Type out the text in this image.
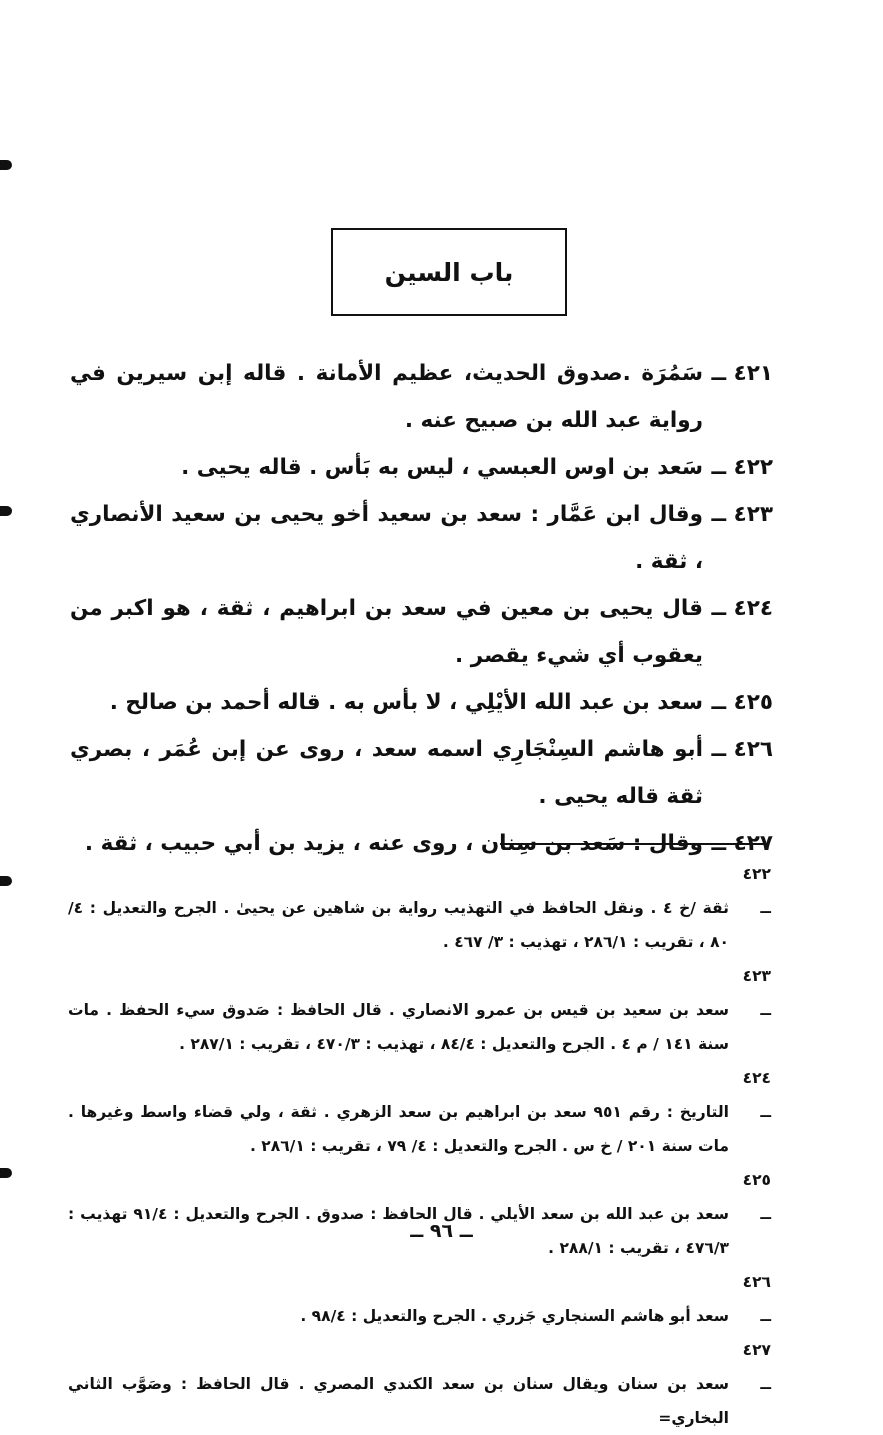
باب السين

٤٢١ ــسَمُرَة .صدوق الحديث، عظيم الأمانة . قاله إبن سيرين في رواية عبد الله بن صبيح عنه .

٤٢٢ ــسَعد بن اوس العبسي ، ليس به بَأس . قاله يحيى .

٤٢٣ ــوقال ابن عَمَّار : سعد بن سعيد أخو يحيى بن سعيد الأنصاري ، ثقة .

٤٢٤ ــقال يحيى بن معين في سعد بن ابراهيم ، ثقة ، هو اكبر من يعقوب أي شيء يقصر .

٤٢٥ ــسعد بن عبد الله الأيْلِي ، لا بأس به . قاله أحمد بن صالح .

٤٢٦ ــأبو هاشم السِنْجَارِي اسمه سعد ، روى عن إبن عُمَر ، بصري ثقة قاله يحيى .

٤٢٧ ــوقال : سَعد بن سِنان ، روى عنه ، يزيد بن أبي حبيب ، ثقة .

٤٢٢ ــثقة /خ ٤ . ونقل الحافظ في التهذيب رواية بن شاهين عن يحيىٰ . الجرح والتعديل : ٤/ ٨٠ ، تقريب : ٢٨٦/١ ، تهذيب : ٣/ ٤٦٧ .

٤٢٣ ــسعد بن سعيد بن قيس بن عمرو الانصاري . قال الحافظ : صَدوق سيء الحفظ . مات سنة ١٤١ / م ٤ . الجرح والتعديل : ٨٤/٤ ، تهذيب : ٤٧٠/٣ ، تقريب : ٢٨٧/١ .

٤٢٤ ــالتاريخ : رقم ٩٥١ سعد بن ابراهيم بن سعد الزهري . ثقة ، ولي قضاء واسط وغيرها . مات سنة ٢٠١ / خ س . الجرح والتعديل : ٤/ ٧٩ ، تقريب : ٢٨٦/١ .

٤٢٥ ــسعد بن عبد الله بن سعد الأيلي . قال الحافظ : صدوق . الجرح والتعديل : ٩١/٤ تهذيب : ٤٧٦/٣ ، تقريب : ٢٨٨/١ .

٤٢٦ ــسعد أبو هاشم السنجاري جَزري . الجرح والتعديل : ٩٨/٤ .

٤٢٧ ــسعد بن سنان ويقال سنان بن سعد الكندي المصري . قال الحافظ : وصَوَّب الثاني البخاري=

ــ ٩٦ ــ
